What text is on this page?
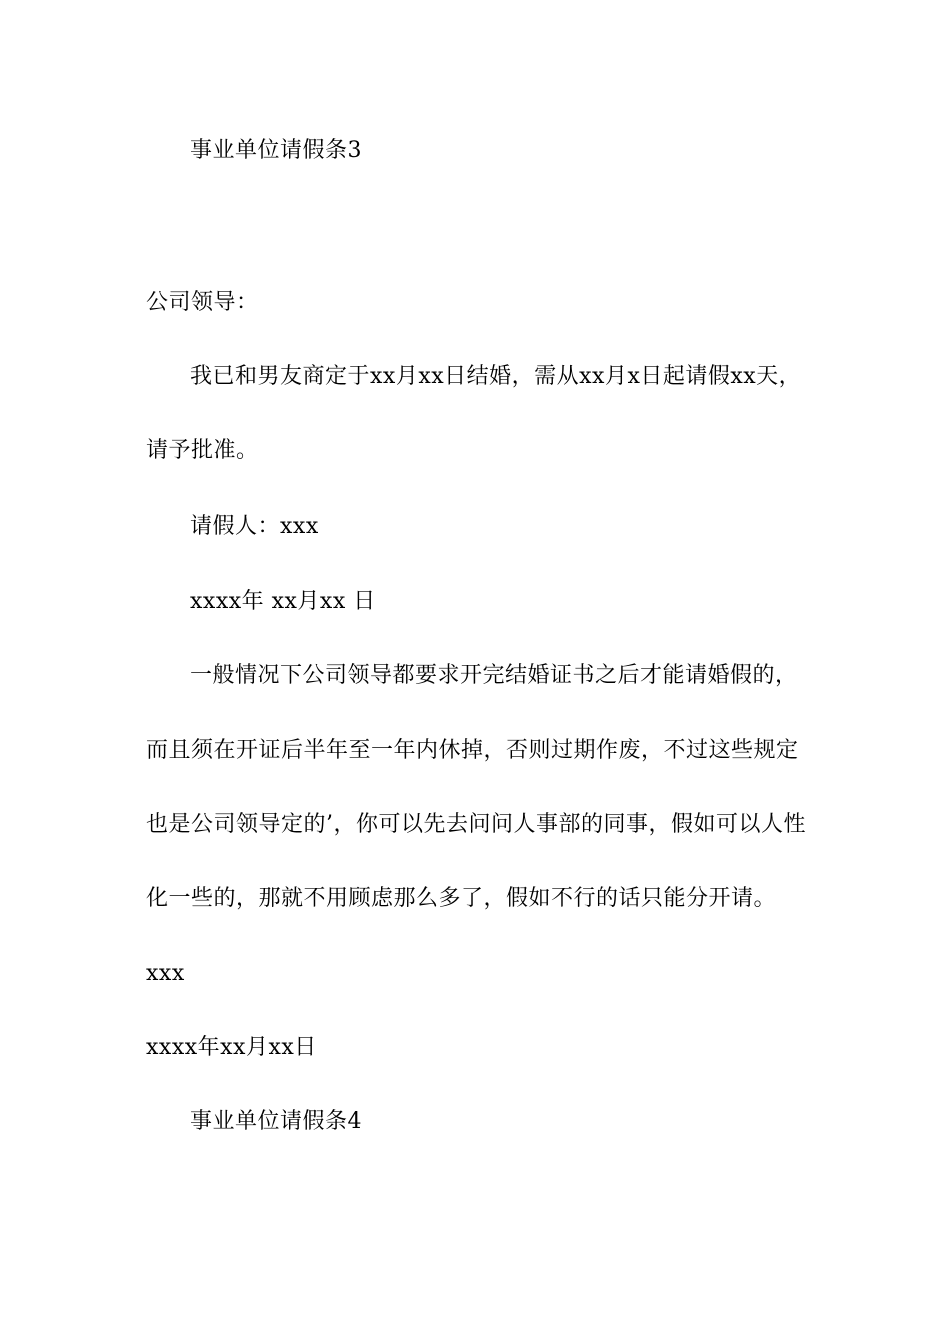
事业单位请假条3
公司领导：
我已和男友商定于xx月xx日结婚，需从xx月x日起请假xx天，
请予批准。
请假人：xxx
xxxx年 xx月xx 日
一般情况下公司领导都要求开完结婚证书之后才能请婚假的，
而且须在开证后半年至一年内休掉，否则过期作废，不过这些规定
也是公司领导定的’，你可以先去问问人事部的同事，假如可以人性
化一些的，那就不用顾虑那么多了，假如不行的话只能分开请。
xxx
xxxx年xx月xx日
事业单位请假条4
